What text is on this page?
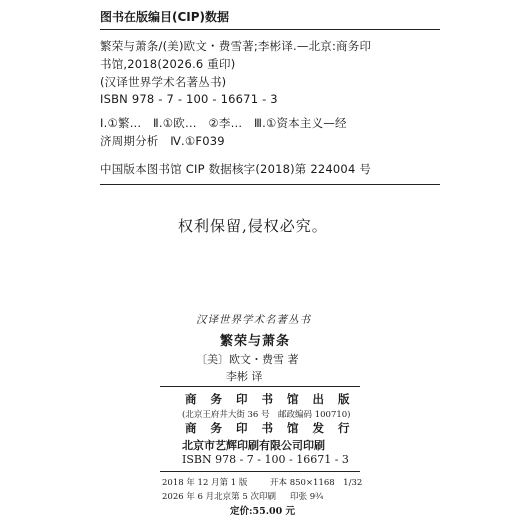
图书在版编目(CIP)数据
繁荣与萧条/(美)欧文・费雪著;李彬译.—北京:商务印
书馆,2018(2026.6 重印)
(汉译世界学术名著丛书)
ISBN 978 - 7 - 100 - 16671 - 3
Ⅰ.①繁…　Ⅱ.①欧…　②李…　Ⅲ.①资本主义—经
济周期分析　Ⅳ.①F039
中国版本图书馆 CIP 数据核字(2018)第 224004 号
权利保留,侵权必究。
汉译世界学术名著丛书
繁荣与萧条
〔美〕欧文・费雪 著
李彬 译
商 务 印 书 馆 出 版
(北京王府井大街 36 号　邮政编码 100710)
商 务 印 书 馆 发 行
北京市艺辉印刷有限公司印刷
ISBN 978 - 7 - 100 - 16671 - 3
2018 年 12 月第 1 版	开本 850×1168　1/32
2026 年 6 月北京第 5 次印刷 印张 9¾
定价:55.00 元
